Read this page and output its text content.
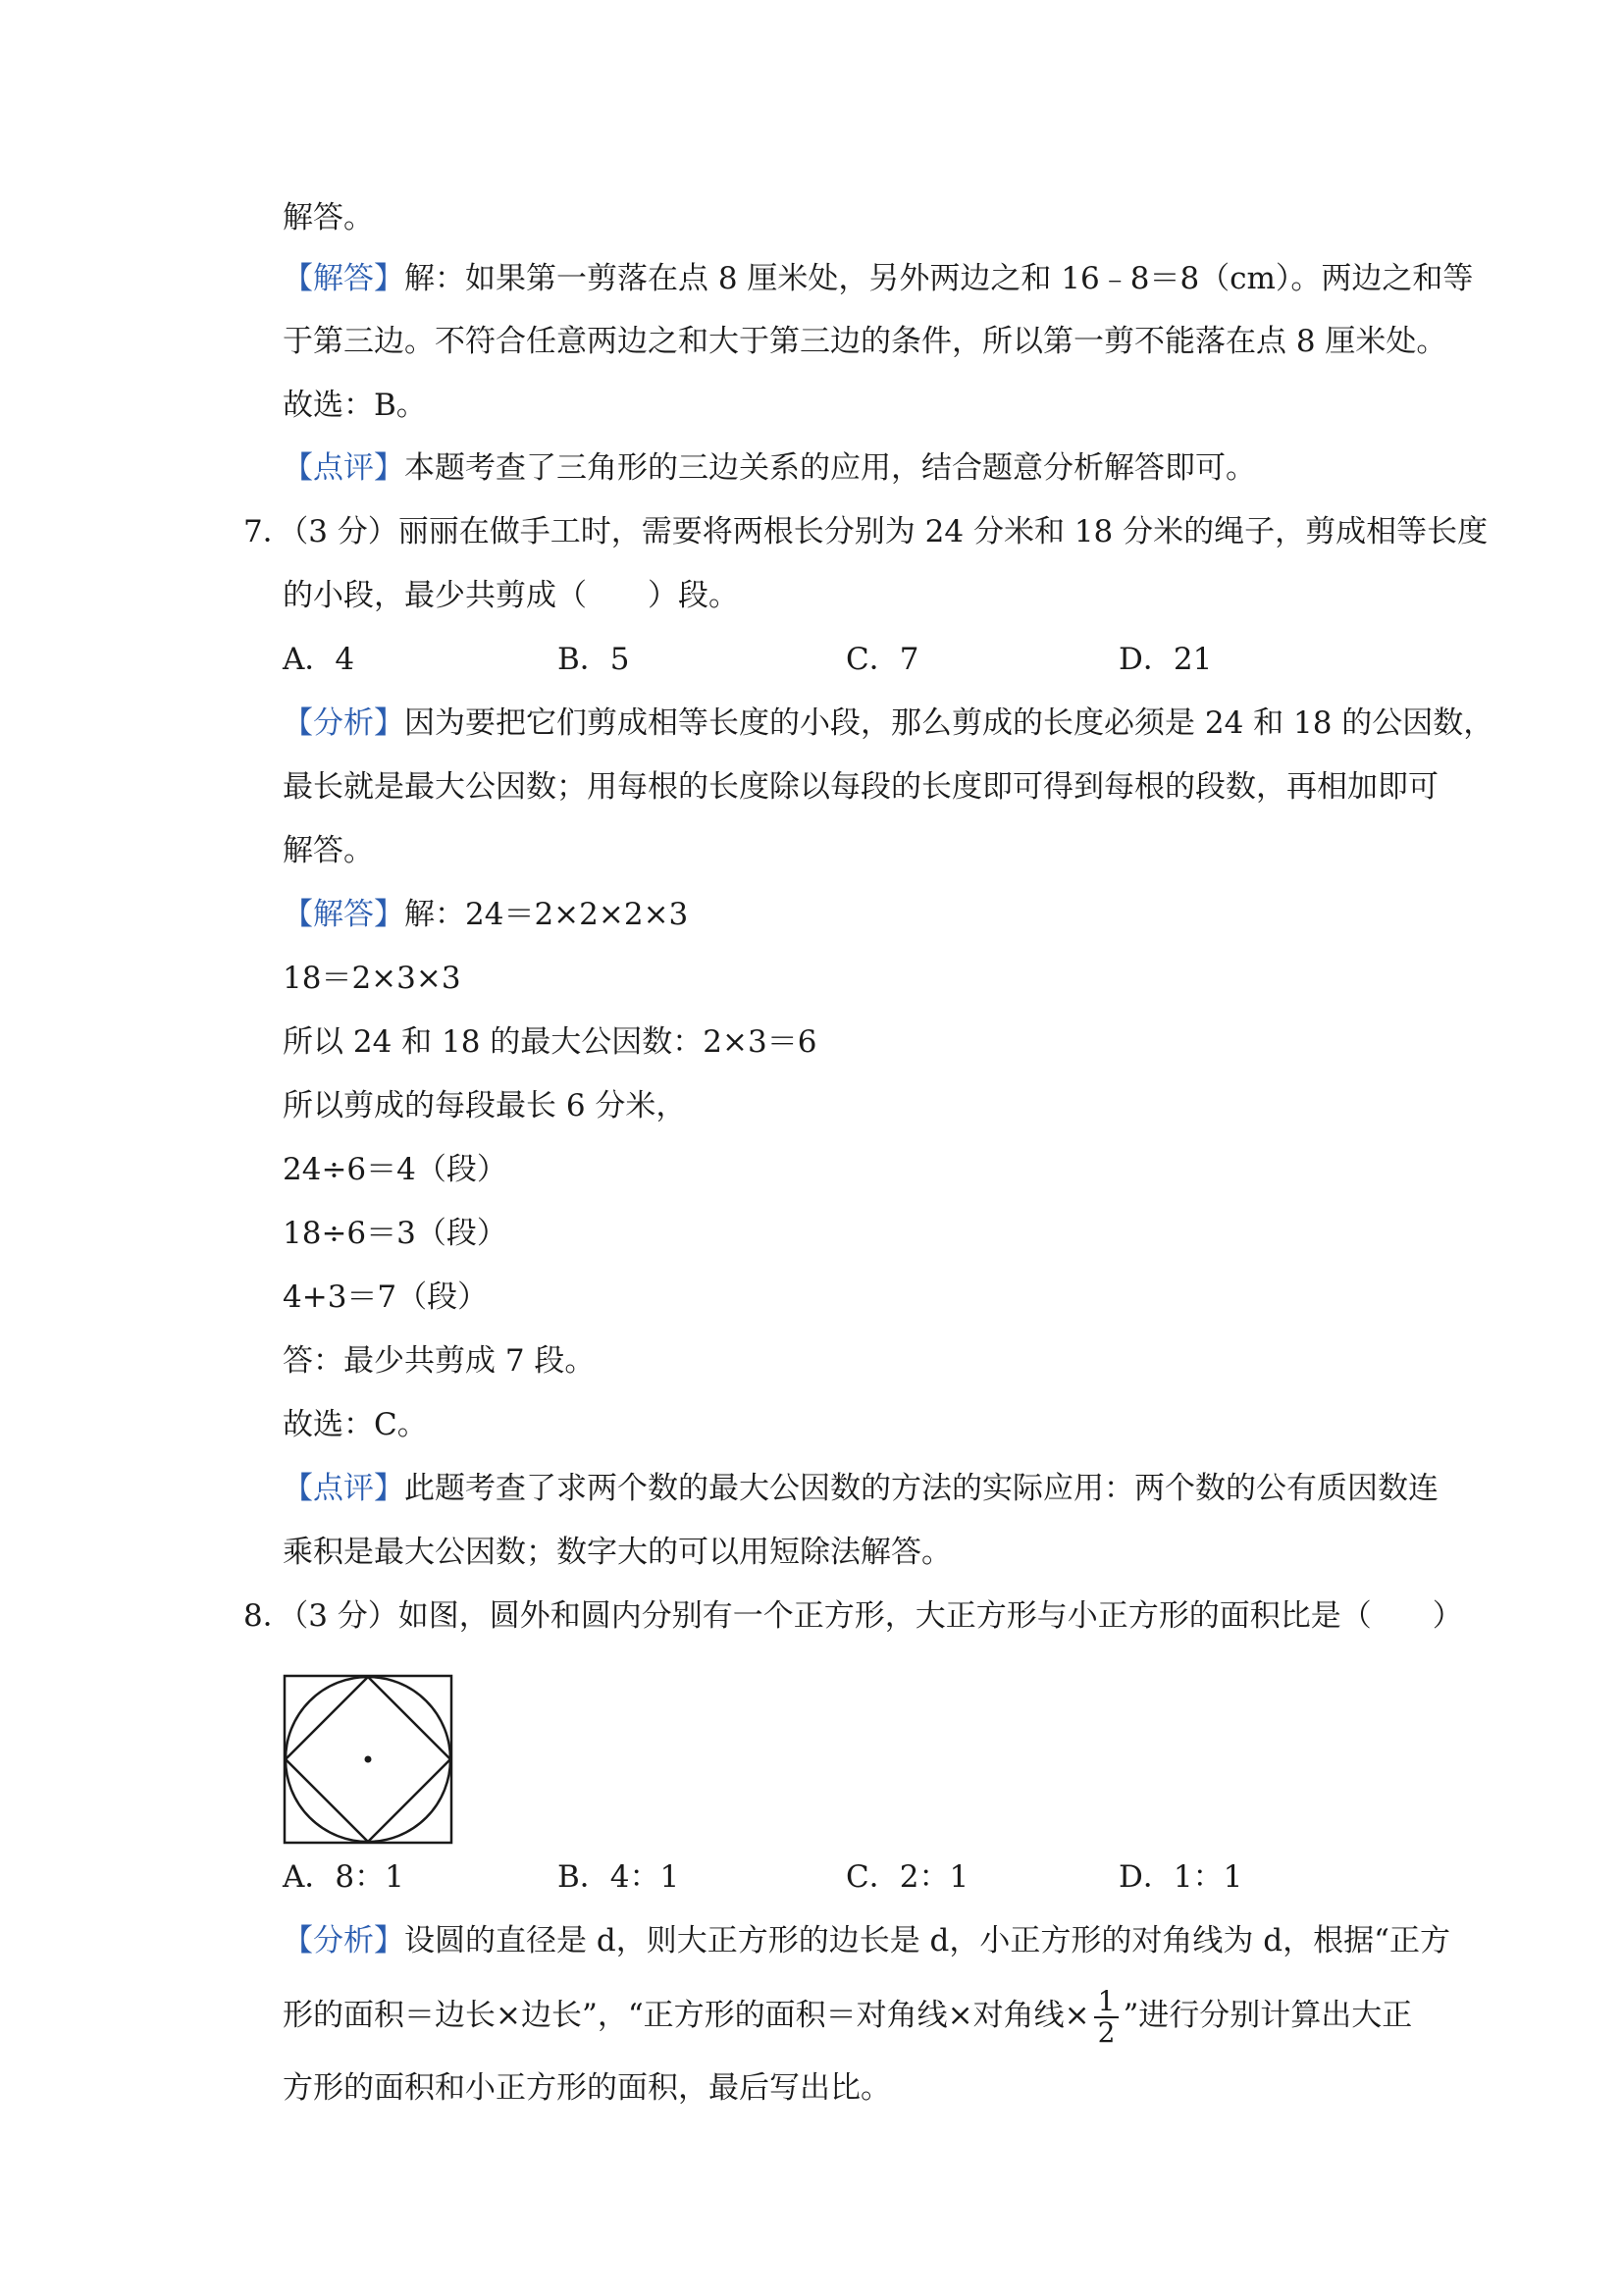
解答。
【解答】解：如果第一剪落在点 8 厘米处，另外两边之和 16﹣8＝8（cm）。两边之和等
于第三边。不符合任意两边之和大于第三边的条件，所以第一剪不能落在点 8 厘米处。
故选：B。
【点评】本题考查了三角形的三边关系的应用，结合题意分析解答即可。
7．（3 分）丽丽在做手工时，需要将两根长分别为 24 分米和 18 分米的绳子，剪成相等长度
的小段，最少共剪成（　　）段。
A．4	B．5	C．7	D．21
【分析】因为要把它们剪成相等长度的小段，那么剪成的长度必须是 24 和 18 的公因数，
最长就是最大公因数；用每根的长度除以每段的长度即可得到每根的段数，再相加即可
解答。
【解答】解：24＝2×2×2×3
18＝2×3×3
所以 24 和 18 的最大公因数：2×3＝6
所以剪成的每段最长 6 分米，
24÷6＝4（段）
18÷6＝3（段）
4+3＝7（段）
答：最少共剪成 7 段。
故选：C。
【点评】此题考查了求两个数的最大公因数的方法的实际应用：两个数的公有质因数连
乘积是最大公因数；数字大的可以用短除法解答。
8．（3 分）如图，圆外和圆内分别有一个正方形，大正方形与小正方形的面积比是（　　）
A．8：1	B．4：1	C．2：1	D．1：1
【分析】设圆的直径是 d，则大正方形的边长是 d，小正方形的对角线为 d，根据“正方
形的面积＝边长×边长”，“正方形的面积＝对角线×对角线× $\frac{1}{2}$ ”进行分别计算出大正
方形的面积和小正方形的面积，最后写出比。
